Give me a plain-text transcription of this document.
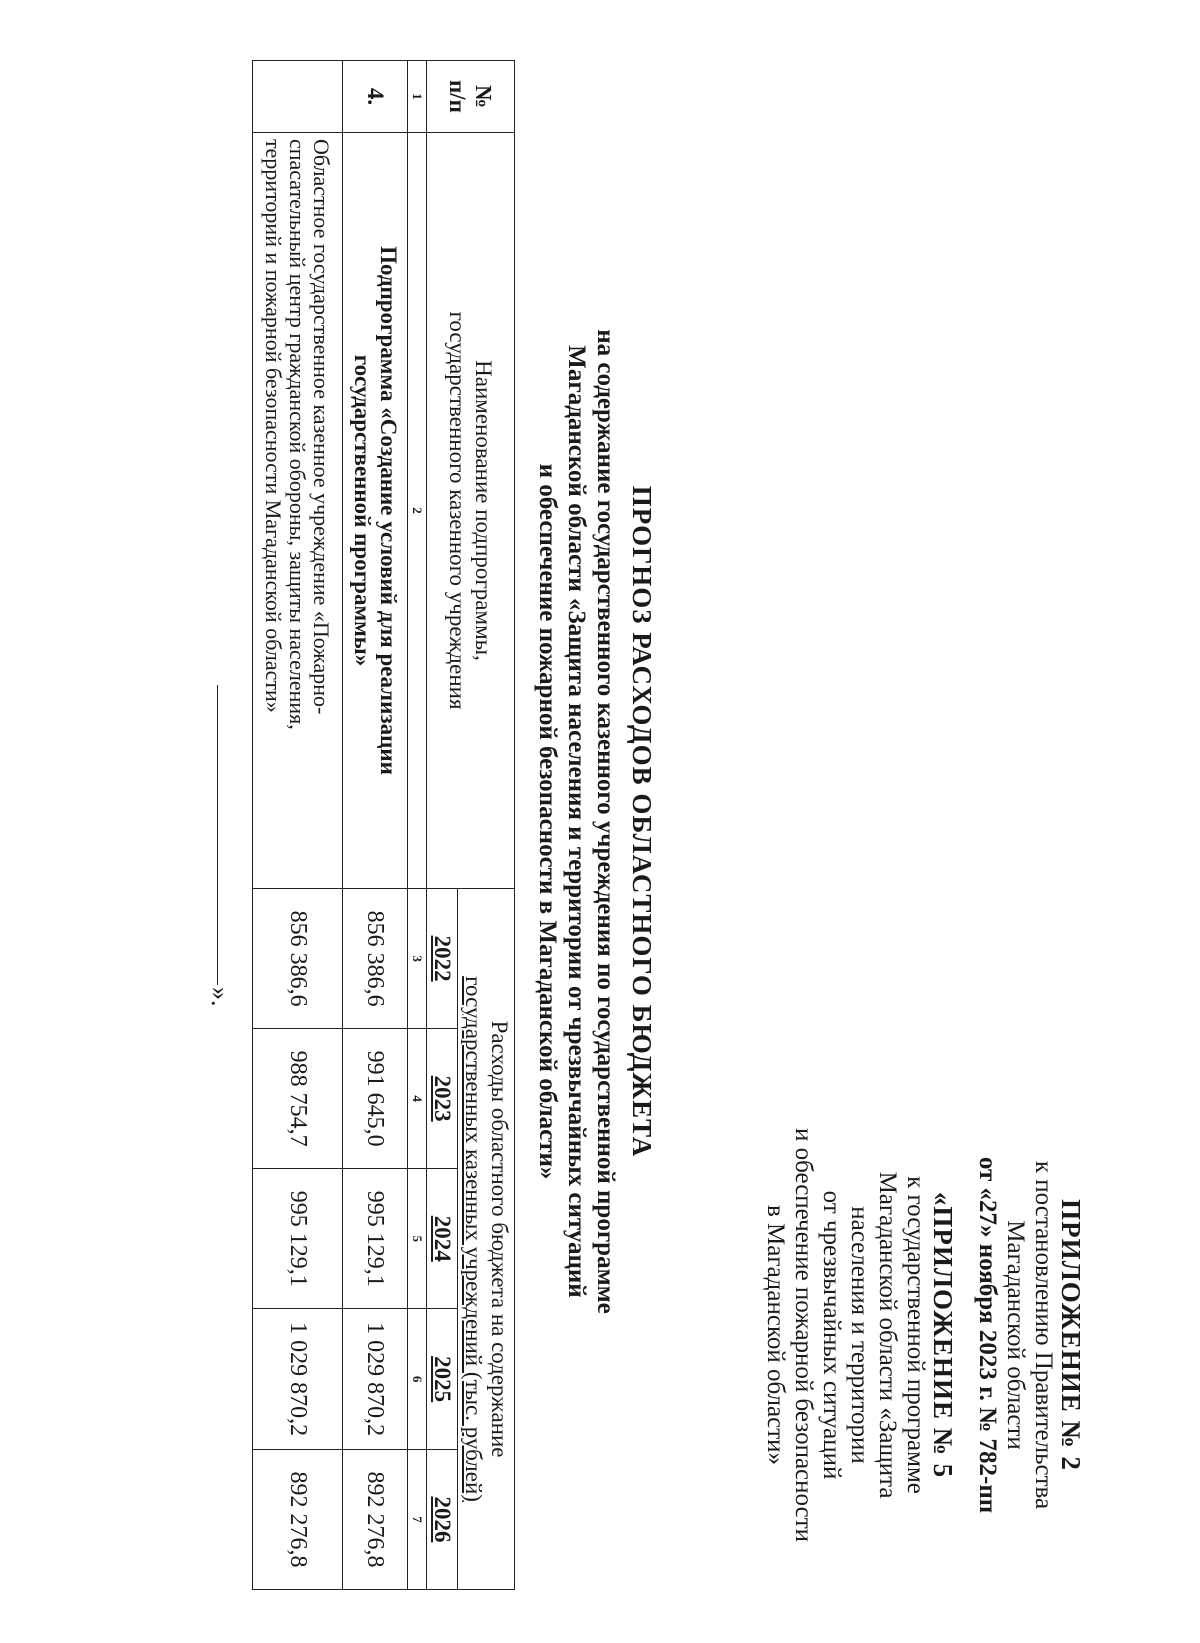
ПРИЛОЖЕНИЕ № 2

к постановлению Правительства

Магаданской области

от «27» ноября 2023 г. № 782-пп

«ПРИЛОЖЕНИЕ № 5

к государственной программе

Магаданской области «Защита

населения и территории

от чрезвычайных ситуаций

и обеспечение пожарной безопасности

в Магаданской области»

ПРОГНОЗ РАСХОДОВ ОБЛАСТНОГО БЮДЖЕТА
на содержание государственного казенного учреждения по государственной программе
Магаданской области «Защита населения и территории от чрезвычайных ситуаций
и обеспечение пожарной безопасности в Магаданской области»
№
п/п	Наименование подпрограммы,
государственного казенного учреждения	Расходы областного бюджета на содержание
государственных казенных учреждений (тыс. рублей)				
		2022	2023	2024	2025	2026
1	2	3	4	5	6	7
4.	Подпрограмма «Создание условий для реализации
государственной программы»	856 386,6	991 645,0	995 129,1	1 029 870,2	892 276,8
	Областное государственное казенное учреждение «Пожарно-
спасательный центр гражданской обороны, защиты населения,
территорий и пожарной безопасности Магаданской области»	856 386,6	988 754,7	995 129,1	1 029 870,2	892 276,8
».
